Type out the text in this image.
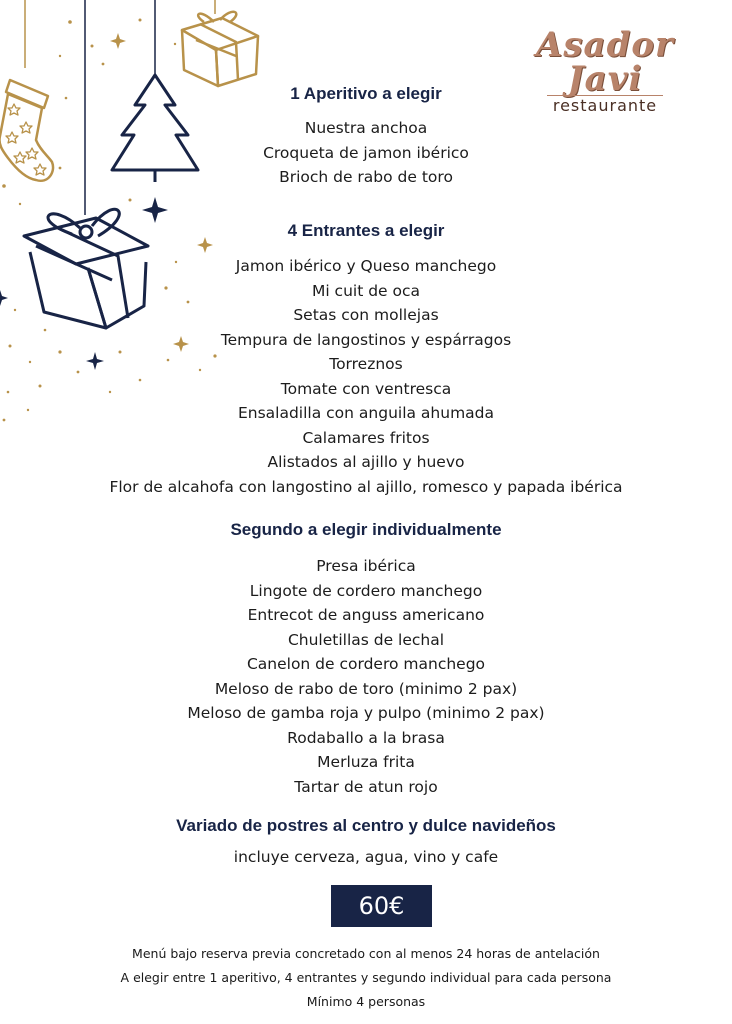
Asador Javi
restaurante
1 Aperitivo a elegir
Nuestra anchoa
Croqueta de jamon ibérico
Brioch de rabo de toro
4 Entrantes a elegir
Jamon ibérico y Queso manchego
Mi cuit de oca
Setas con mollejas
Tempura de langostinos y espárragos
Torreznos
Tomate con ventresca
Ensaladilla con anguila ahumada
Calamares fritos
Alistados al ajillo y huevo
Flor de alcahofa con langostino al ajillo, romesco y papada ibérica
Segundo a elegir individualmente
Presa ibérica
Lingote de cordero manchego
Entrecot de anguss americano
Chuletillas de lechal
Canelon de cordero manchego
Meloso de rabo de toro (minimo 2 pax)
Meloso de gamba roja y pulpo (minimo 2 pax)
Rodaballo a la brasa
Merluza frita
Tartar de atun rojo
Variado de postres al centro y dulce navideños
incluye cerveza, agua, vino y cafe
60€
Menú bajo reserva previa concretado con al menos 24 horas de antelación
A elegir entre 1 aperitivo, 4 entrantes y segundo individual para cada persona
Mínimo 4 personas
